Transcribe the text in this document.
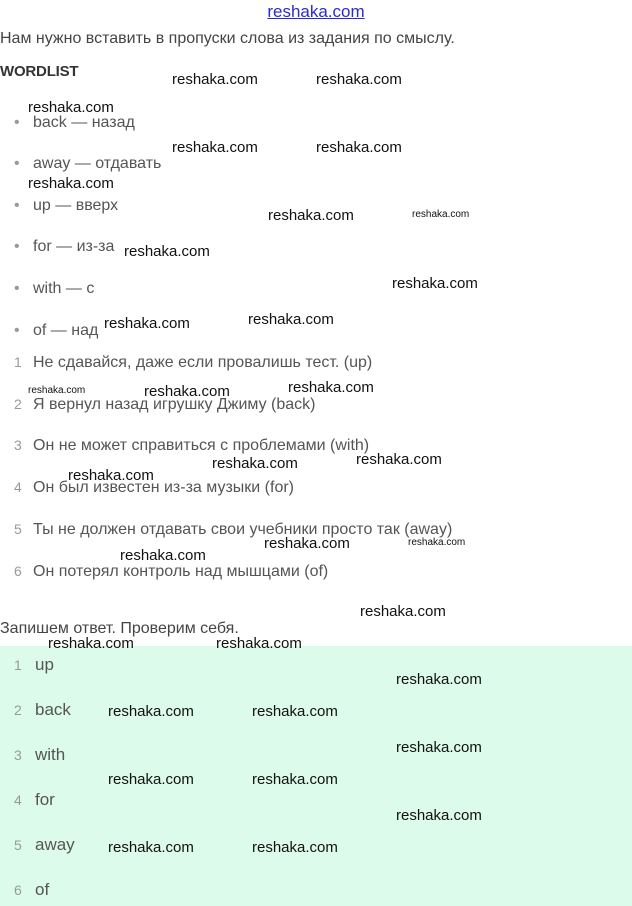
reshaka.com
Нам нужно вставить в пропуски слова из задания по смыслу.
WORDLIST
• back — назад
• away — отдавать
• up — вверх
• for — из-за
• with — с
• of — над
1 Не сдавайся, даже если провалишь тест. (up)
2 Я вернул назад игрушку Джиму (back)
3 Он не может справиться с проблемами (with)
4 Он был известен из-за музыки (for)
5 Ты не должен отдавать свои учебники просто так (away)
6 Он потерял контроль над мышцами (of)
Запишем ответ. Проверим себя.
1 up
2 back
3 with
4 for
5 away
6 of
reshaka.com	reshaka.com
reshaka.com
reshaka.com	reshaka.com
reshaka.com
reshaka.com	reshaka.com
reshaka.com
reshaka.com
reshaka.com
reshaka.com
reshaka.com
reshaka.com	reshaka.com
reshaka.com
reshaka.com
reshaka.com
reshaka.com	reshaka.com
reshaka.com
reshaka.com
reshaka.com	reshaka.com
reshaka.com
reshaka.com	reshaka.com
reshaka.com
reshaka.com	reshaka.com
reshaka.com
reshaka.com	reshaka.com
